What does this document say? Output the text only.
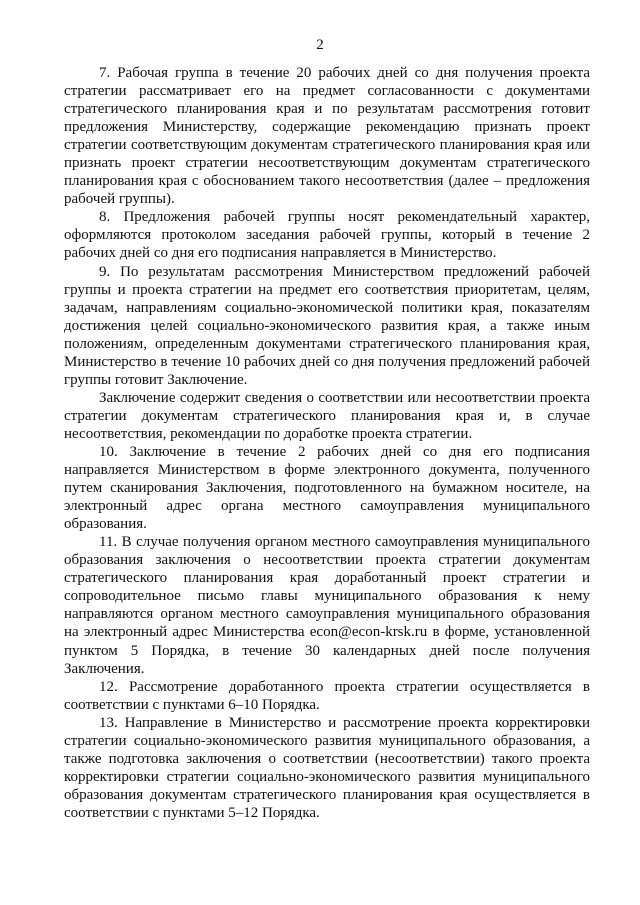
2

7. Рабочая группа в течение 20 рабочих дней со дня получения проекта стратегии рассматривает его на предмет согласованности с документами стратегического планирования края и по результатам рассмотрения готовит предложения Министерству, содержащие рекомендацию признать проект стратегии соответствующим документам стратегического планирования края или признать проект стратегии несоответствующим документам стратегического планирования края с обоснованием такого несоответствия (далее – предложения рабочей группы).

8. Предложения рабочей группы носят рекомендательный характер, оформляются протоколом заседания рабочей группы, который в течение 2 рабочих дней со дня его подписания направляется в Министерство.

9. По результатам рассмотрения Министерством предложений рабочей группы и проекта стратегии на предмет его соответствия приоритетам, целям, задачам, направлениям социально-экономической политики края, показателям достижения целей социально-экономического развития края, а также иным положениям, определенным документами стратегического планирования края, Министерство в течение 10 рабочих дней со дня получения предложений рабочей группы готовит Заключение.

Заключение содержит сведения о соответствии или несоответствии проекта стратегии документам стратегического планирования края и, в случае несоответствия, рекомендации по доработке проекта стратегии.

10. Заключение в течение 2 рабочих дней со дня его подписания направляется Министерством в форме электронного документа, полученного путем сканирования Заключения, подготовленного на бумажном носителе, на электронный адрес органа местного самоуправления муниципального образования.

11. В случае получения органом местного самоуправления муниципального образования заключения о несоответствии проекта стратегии документам стратегического планирования края доработанный проект стратегии и сопроводительное письмо главы муниципального образования к нему направляются органом местного самоуправления муниципального образования на электронный адрес Министерства econ@econ-krsk.ru в форме, установленной пунктом 5 Порядка, в течение 30 календарных дней после получения Заключения.

12. Рассмотрение доработанного проекта стратегии осуществляется в соответствии с пунктами 6–10 Порядка.

13. Направление в Министерство и рассмотрение проекта корректировки стратегии социально-экономического развития муниципального образования, а также подготовка заключения о соответствии (несоответствии) такого проекта корректировки стратегии социально-экономического развития муниципального образования документам стратегического планирования края осуществляется в соответствии с пунктами 5–12 Порядка.
